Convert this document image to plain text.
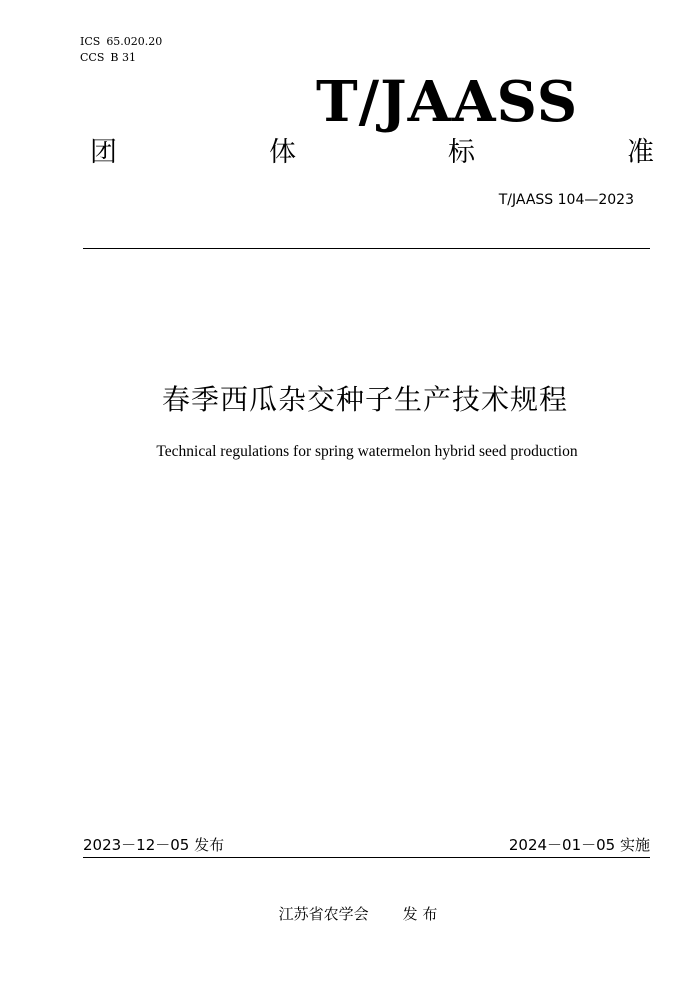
ICS 65.020.20
CCS B 31
T/JAASS
团	体	标	准
T/JAASS 104—2023
春季西瓜杂交种子生产技术规程
Technical regulations for spring watermelon hybrid seed production
2023－12－05 发布	2024－01－05 实施
江苏省农学会 发 布
